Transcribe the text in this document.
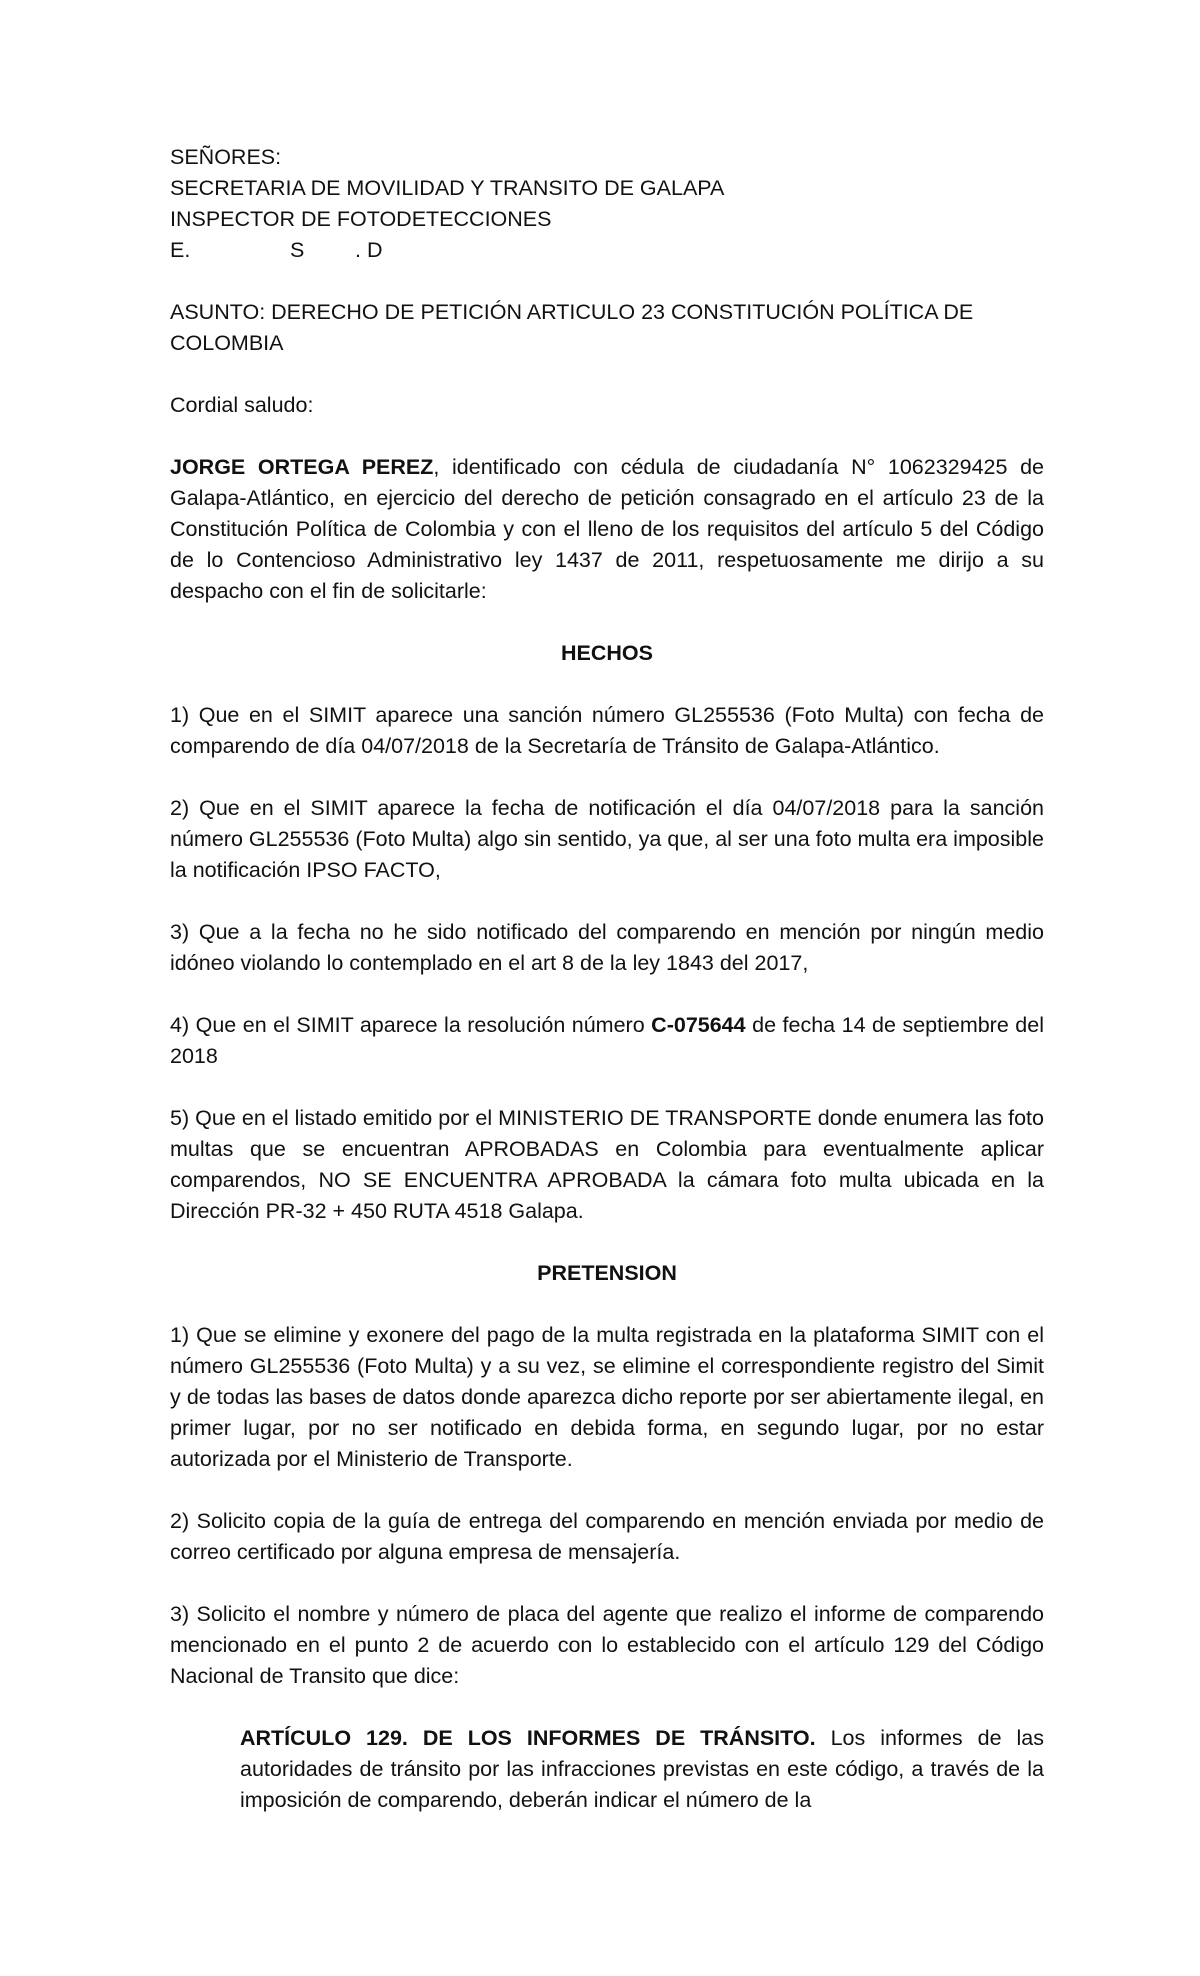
SEÑORES:
SECRETARIA DE MOVILIDAD Y TRANSITO DE GALAPA
INSPECTOR DE FOTODETECCIONES
E.	S . D

ASUNTO: DERECHO DE PETICIÓN ARTICULO 23 CONSTITUCIÓN POLÍTICA DE COLOMBIA

Cordial saludo:

JORGE ORTEGA PEREZ, identificado con cédula de ciudadanía N° 1062329425 de Galapa-Atlántico, en ejercicio del derecho de petición consagrado en el artículo 23 de la Constitución Política de Colombia y con el lleno de los requisitos del artículo 5 del Código de lo Contencioso Administrativo ley 1437 de 2011, respetuosamente me dirijo a su despacho con el fin de solicitarle:

HECHOS

1) Que en el SIMIT aparece una sanción número GL255536 (Foto Multa) con fecha de comparendo de día 04/07/2018 de la Secretaría de Tránsito de Galapa-Atlántico.

2) Que en el SIMIT aparece la fecha de notificación el día 04/07/2018 para la sanción número GL255536 (Foto Multa) algo sin sentido, ya que, al ser una foto multa era imposible la notificación IPSO FACTO,

3) Que a la fecha no he sido notificado del comparendo en mención por ningún medio idóneo violando lo contemplado en el art 8 de la ley 1843 del 2017,

4) Que en el SIMIT aparece la resolución número C-075644 de fecha 14 de septiembre del 2018

5) Que en el listado emitido por el MINISTERIO DE TRANSPORTE donde enumera las foto multas que se encuentran APROBADAS en Colombia para eventualmente aplicar comparendos, NO SE ENCUENTRA APROBADA la cámara foto multa ubicada en la Dirección PR-32 + 450 RUTA 4518 Galapa.

PRETENSION

1) Que se elimine y exonere del pago de la multa registrada en la plataforma SIMIT con el número GL255536 (Foto Multa) y a su vez, se elimine el correspondiente registro del Simit y de todas las bases de datos donde aparezca dicho reporte por ser abiertamente ilegal, en primer lugar, por no ser notificado en debida forma, en segundo lugar, por no estar autorizada por el Ministerio de Transporte.

2) Solicito copia de la guía de entrega del comparendo en mención enviada por medio de correo certificado por alguna empresa de mensajería.

3) Solicito el nombre y número de placa del agente que realizo el informe de comparendo mencionado en el punto 2 de acuerdo con lo establecido con el artículo 129 del Código Nacional de Transito que dice:

ARTÍCULO 129. DE LOS INFORMES DE TRÁNSITO. Los informes de las autoridades de tránsito por las infracciones previstas en este código, a través de la imposición de comparendo, deberán indicar el número de la
